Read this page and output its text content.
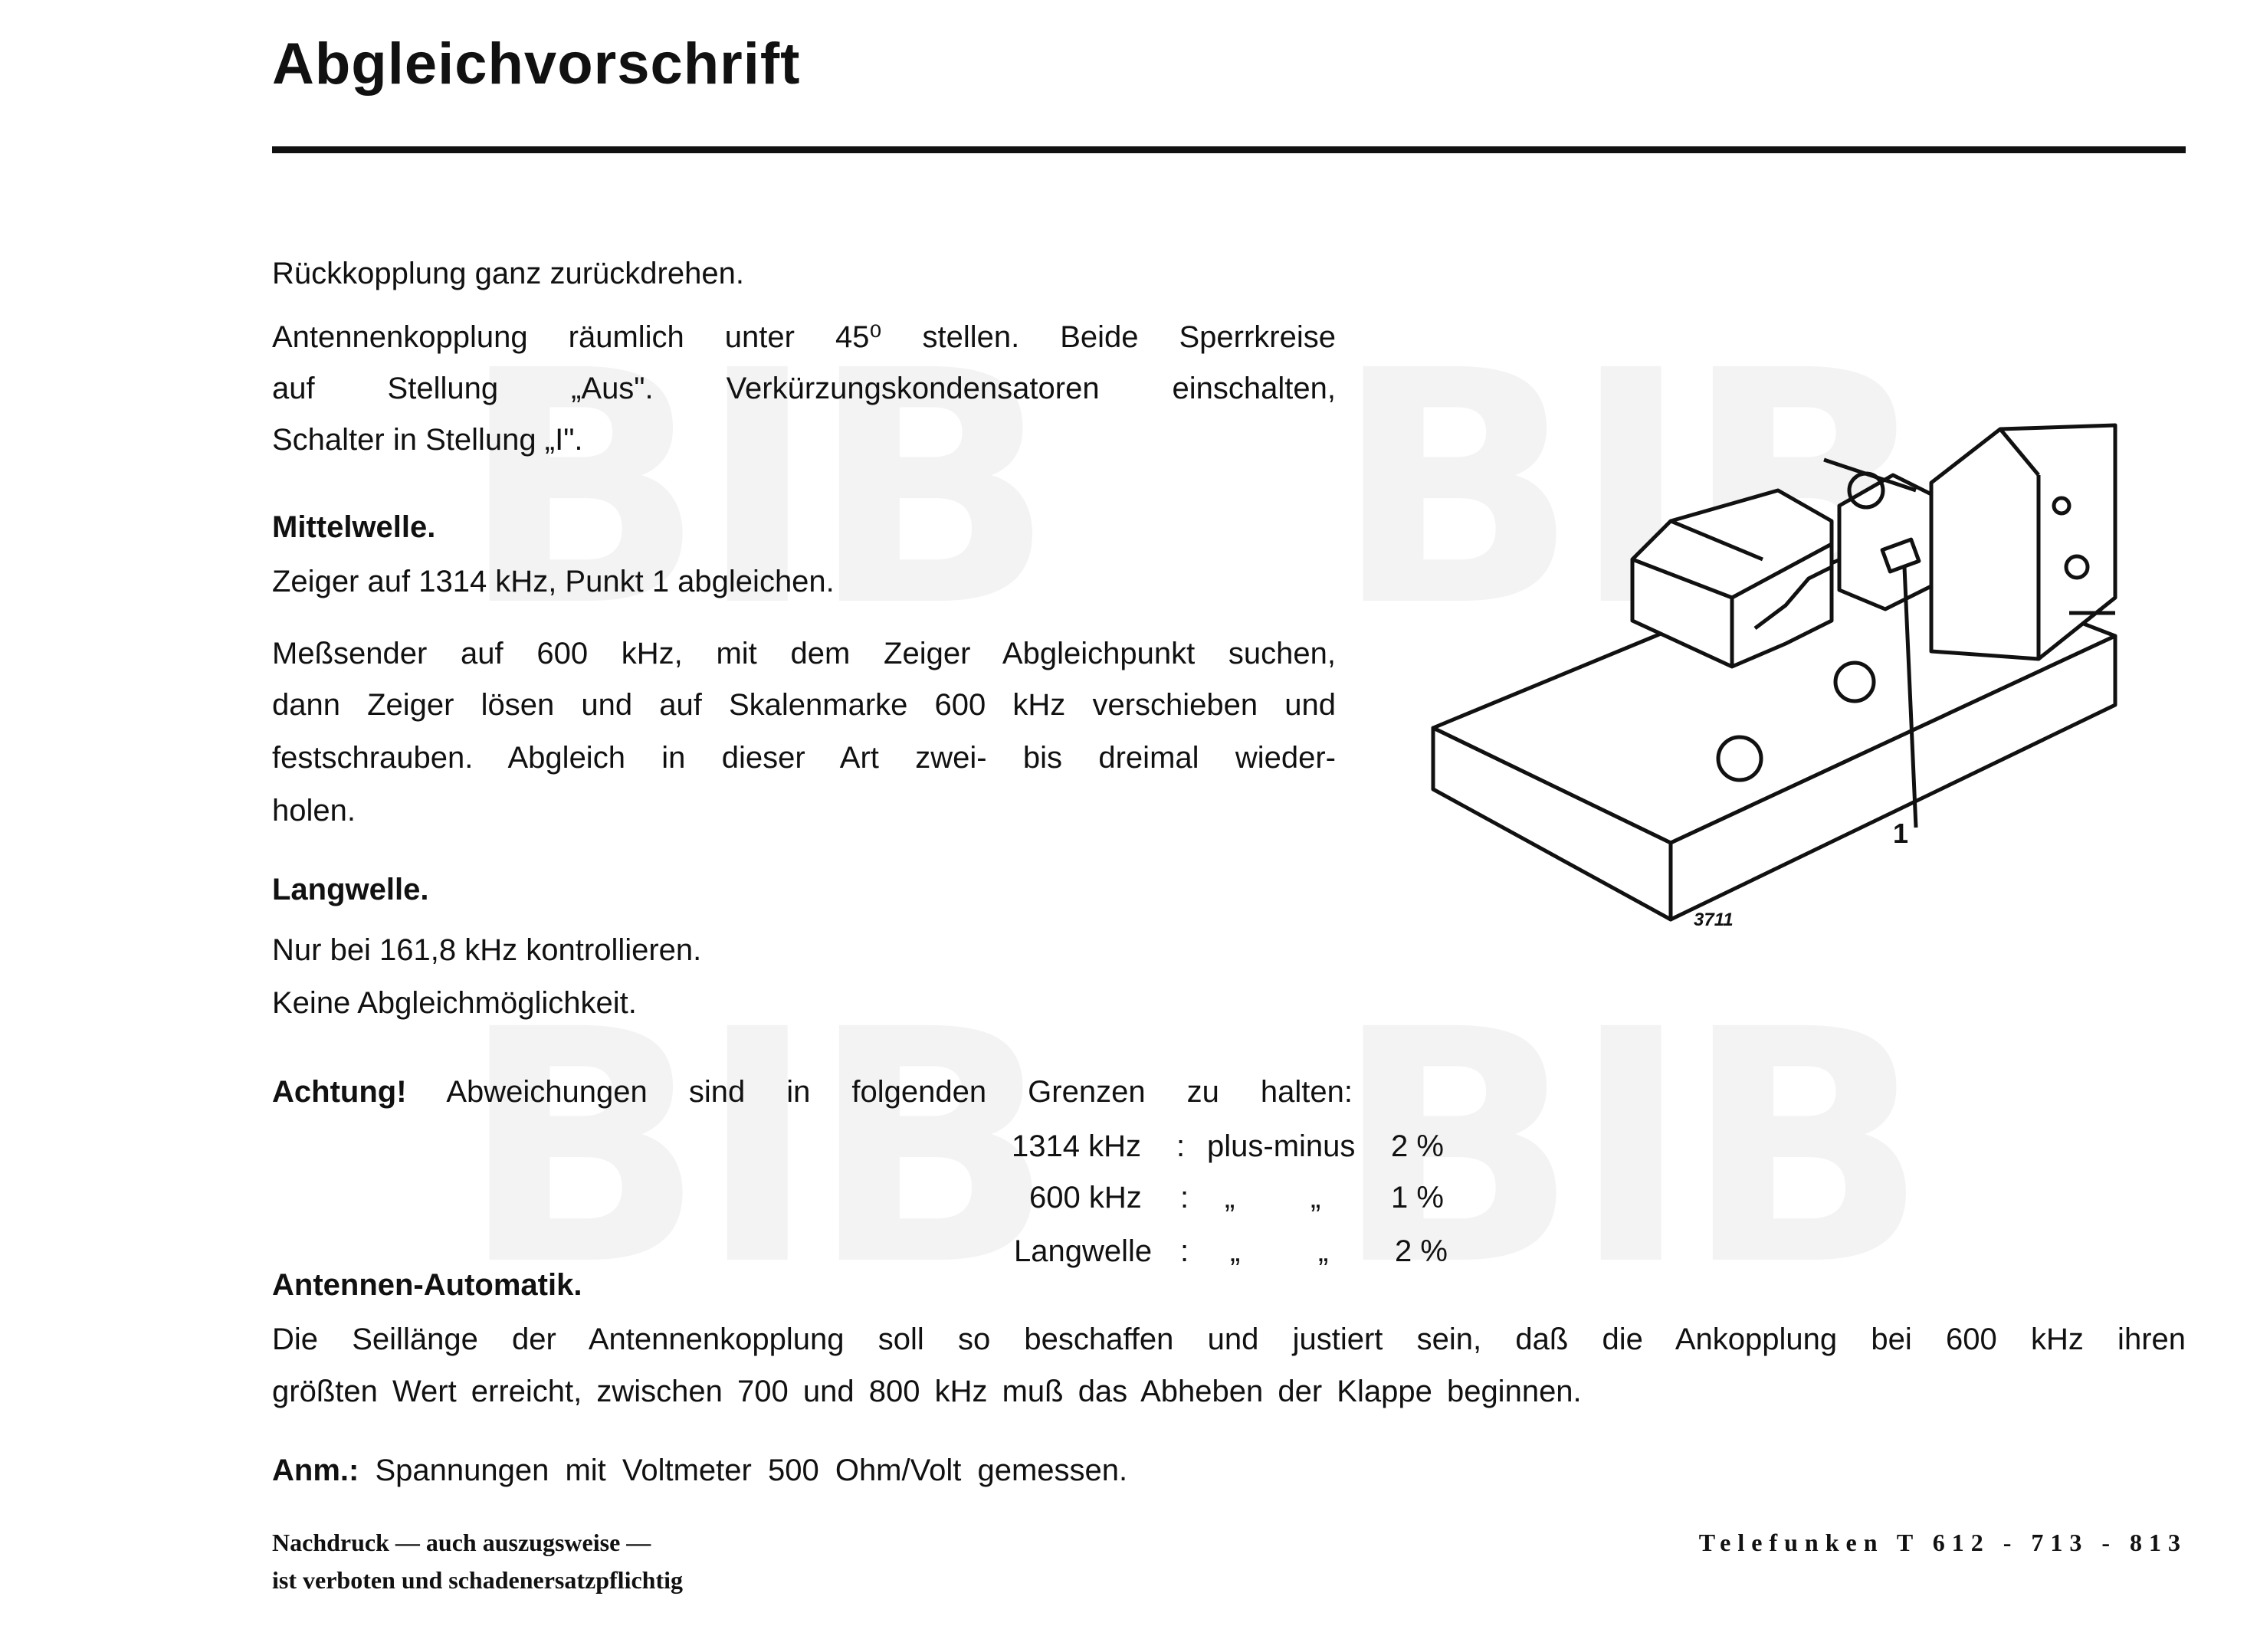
Abgleichvorschrift
Rückkopplung ganz zurückdrehen.
Antennenkopplung räumlich unter 45⁰ stellen. Beide Sperrkreise
auf Stellung „Aus". Verkürzungskondensatoren einschalten,
Schalter in Stellung „I".
Mittelwelle.
Zeiger auf 1314 kHz, Punkt 1 abgleichen.
Meßsender auf 600 kHz, mit dem Zeiger Abgleichpunkt suchen,
dann Zeiger lösen und auf Skalenmarke 600 kHz verschieben und
festschrauben. Abgleich in dieser Art zwei- bis dreimal wieder-
holen.
Langwelle.
Nur bei 161,8 kHz kontrollieren.
Keine Abgleichmöglichkeit.
Achtung! Abweichungen sind in folgenden Grenzen zu halten:
1314 kHz : plus-minus 2 %
600 kHz : „ „ 1 %
Langwelle : „	„ 2 %
Antennen-Automatik.
Die Seillänge der Antennenkopplung soll so beschaffen und justiert sein, daß die Ankopplung bei 600 kHz ihren
größten Wert erreicht, zwischen 700 und 800 kHz muß das Abheben der Klappe beginnen.
Anm.: Spannungen mit Voltmeter 500 Ohm/Volt gemessen.
Nachdruck — auch auszugsweise —
ist verboten und schadenersatzpflichtig
Telefunken T 612 - 713 - 813
1
3711
